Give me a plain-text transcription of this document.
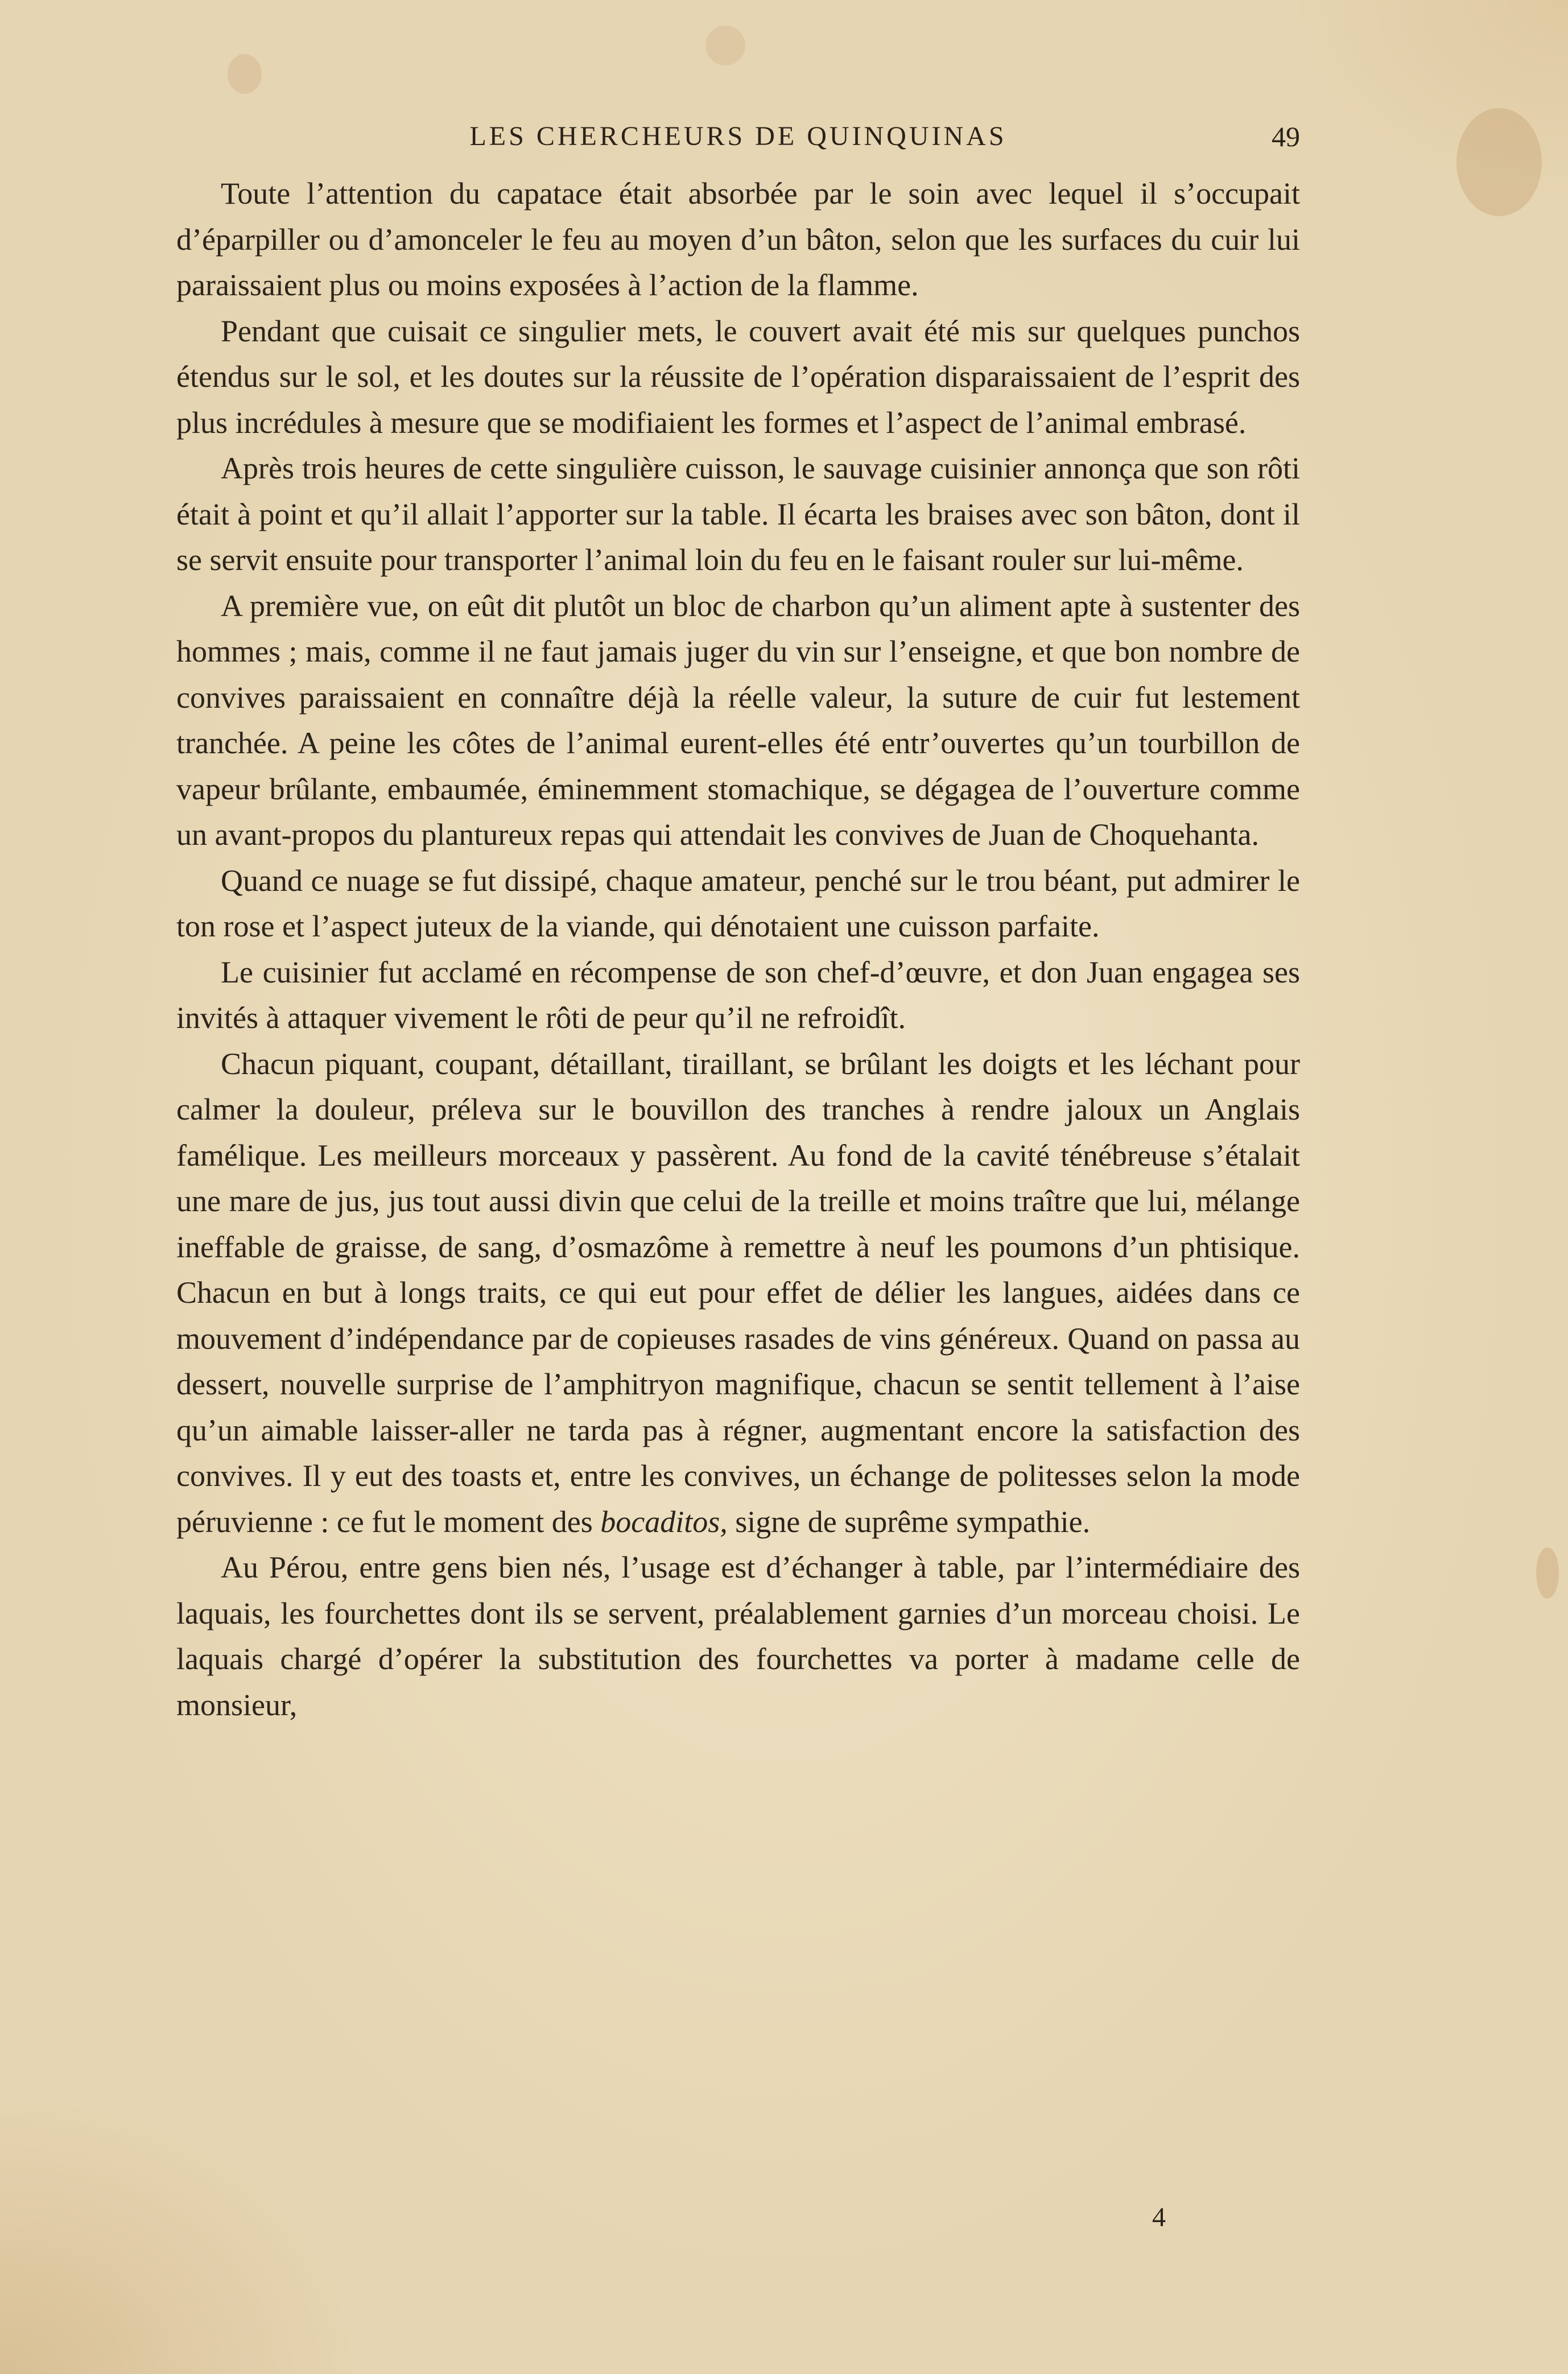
LES CHERCHEURS DE QUINQUINAS	49

Toute l’attention du capatace était absorbée par le soin avec lequel il s’occupait d’éparpiller ou d’amonceler le feu au moyen d’un bâton, selon que les surfaces du cuir lui paraissaient plus ou moins exposées à l’action de la flamme.

Pendant que cuisait ce singulier mets, le couvert avait été mis sur quelques punchos étendus sur le sol, et les doutes sur la réussite de l’opération disparaissaient de l’esprit des plus incrédules à mesure que se modifiaient les formes et l’aspect de l’animal embrasé.

Après trois heures de cette singulière cuisson, le sauvage cuisinier annonça que son rôti était à point et qu’il allait l’apporter sur la table. Il écarta les braises avec son bâton, dont il se servit ensuite pour transporter l’animal loin du feu en le faisant rouler sur lui-même.

A première vue, on eût dit plutôt un bloc de charbon qu’un aliment apte à sustenter des hommes ; mais, comme il ne faut jamais juger du vin sur l’enseigne, et que bon nombre de convives paraissaient en connaître déjà la réelle valeur, la suture de cuir fut lestement tranchée. A peine les côtes de l’animal eurent-elles été entr’ouvertes qu’un tourbillon de vapeur brûlante, embaumée, éminemment stomachique, se dégagea de l’ouverture comme un avant-propos du plantureux repas qui attendait les convives de Juan de Choquehanta.

Quand ce nuage se fut dissipé, chaque amateur, penché sur le trou béant, put admirer le ton rose et l’aspect juteux de la viande, qui dénotaient une cuisson parfaite.

Le cuisinier fut acclamé en récompense de son chef-d’œuvre, et don Juan engagea ses invités à attaquer vivement le rôti de peur qu’il ne refroidît.

Chacun piquant, coupant, détaillant, tiraillant, se brûlant les doigts et les léchant pour calmer la douleur, préleva sur le bouvillon des tranches à rendre jaloux un Anglais famélique. Les meilleurs morceaux y passèrent. Au fond de la cavité ténébreuse s’étalait une mare de jus, jus tout aussi divin que celui de la treille et moins traître que lui, mélange ineffable de graisse, de sang, d’osmazôme à remettre à neuf les poumons d’un phtisique. Chacun en but à longs traits, ce qui eut pour effet de délier les langues, aidées dans ce mouvement d’indépendance par de copieuses rasades de vins généreux. Quand on passa au dessert, nouvelle surprise de l’amphitryon magnifique, chacun se sentit tellement à l’aise qu’un aimable laisser-aller ne tarda pas à régner, augmentant encore la satisfaction des convives. Il y eut des toasts et, entre les convives, un échange de politesses selon la mode péruvienne : ce fut le moment des bocaditos, signe de suprême sympathie.

Au Pérou, entre gens bien nés, l’usage est d’échanger à table, par l’intermédiaire des laquais, les fourchettes dont ils se servent, préalablement garnies d’un morceau choisi. Le laquais chargé d’opérer la substitution des fourchettes va porter à madame celle de monsieur,

4
